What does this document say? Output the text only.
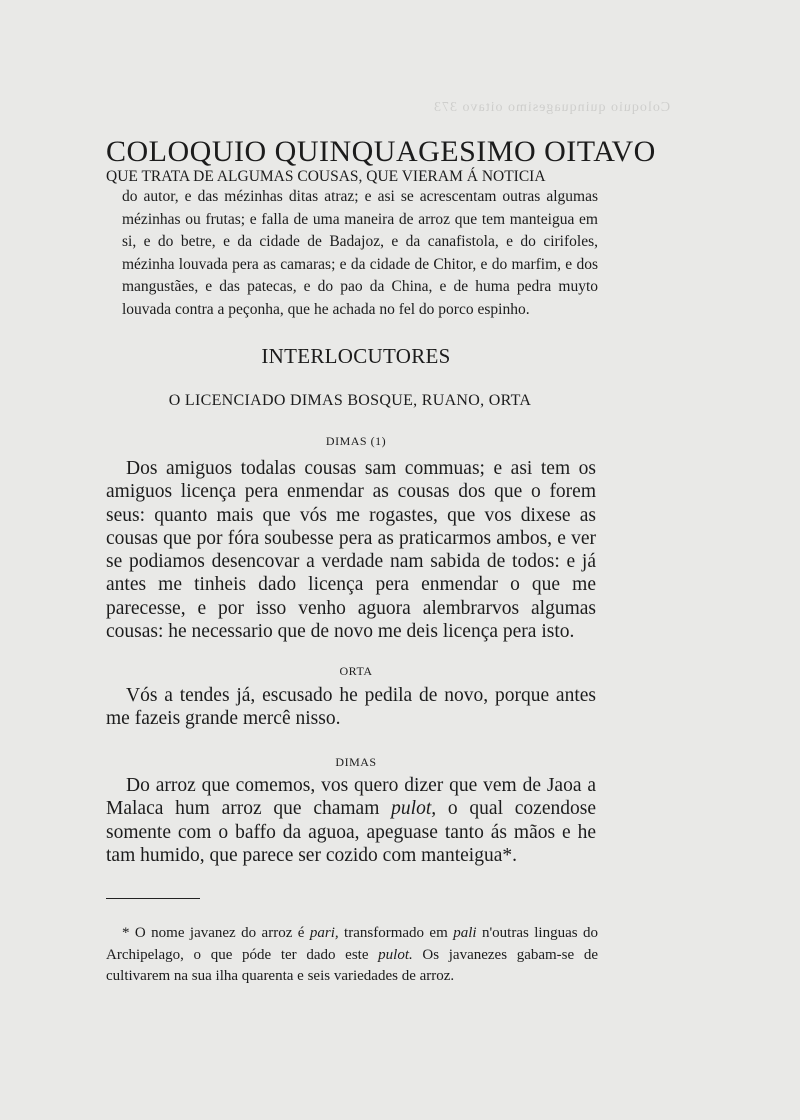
Coloquio quinquagesimo oitavo 373
COLOQUIO QUINQUAGESIMO OITAVO
QUE TRATA DE ALGUMAS COUSAS, QUE VIERAM Á NOTICIA
do autor, e das mézinhas ditas atraz; e asi se acrescentam outras algumas mézinhas ou frutas; e falla de uma maneira de arroz que tem manteigua em si, e do betre, e da cidade de Badajoz, e da canafistola, e do cirifoles, mézinha louvada pera as camaras; e da cidade de Chitor, e do marfim, e dos mangustães, e das patecas, e do pao da China, e de huma pedra muyto louvada contra a peçonha, que he achada no fel do porco espinho.
INTERLOCUTORES
O LICENCIADO DIMAS BOSQUE, RUANO, ORTA
DIMAS (1)
Dos amiguos todalas cousas sam commuas; e asi tem os amiguos licença pera enmendar as cousas dos que o forem seus: quanto mais que vós me rogastes, que vos dixese as cousas que por fóra soubesse pera as praticarmos ambos, e ver se podiamos desencovar a verdade nam sabida de todos: e já antes me tinheis dado licença pera enmendar o que me parecesse, e por isso venho aguora alembrarvos algumas cousas: he necessario que de novo me deis licença pera isto.
ORTA
Vós a tendes já, escusado he pedila de novo, porque antes me fazeis grande mercê nisso.
DIMAS
Do arroz que comemos, vos quero dizer que vem de Jaoa a Malaca hum arroz que chamam pulot, o qual cozendose somente com o baffo da aguoa, apeguase tanto ás mãos e he tam humido, que parece ser cozido com manteigua*.
* O nome javanez do arroz é pari, transformado em pali n'outras linguas do Archipelago, o que póde ter dado este pulot. Os javanezes gabam-se de cultivarem na sua ilha quarenta e seis variedades de arroz.
